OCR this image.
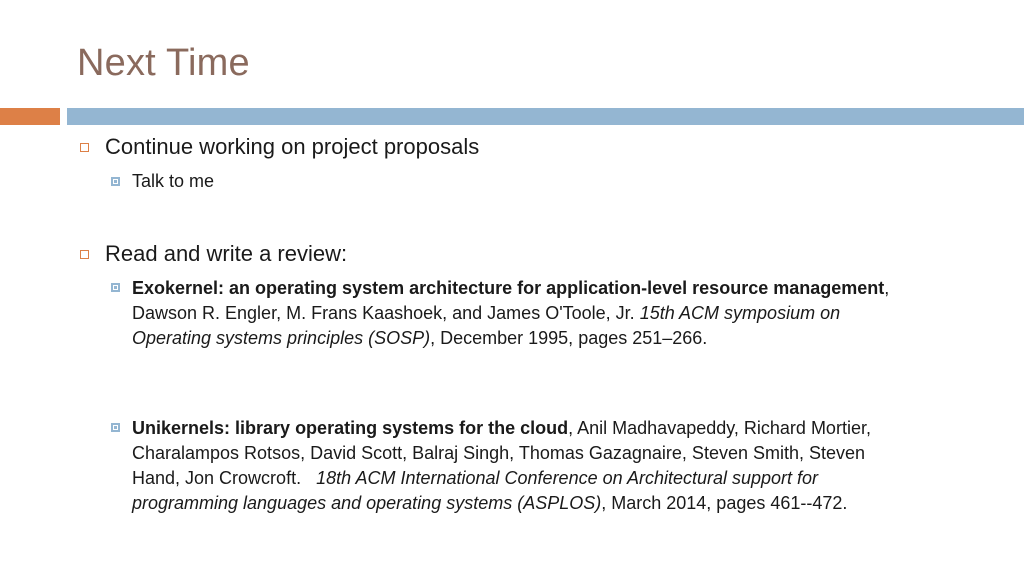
Next Time
Continue working on project proposals
Talk to me
Read and write a review:
Exokernel: an operating system architecture for application-level resource management, Dawson R. Engler, M. Frans Kaashoek, and James O'Toole, Jr. 15th ACM symposium on Operating systems principles (SOSP), December 1995, pages 251–266.
Unikernels: library operating systems for the cloud, Anil Madhavapeddy, Richard Mortier, Charalampos Rotsos, David Scott, Balraj Singh, Thomas Gazagnaire, Steven Smith, Steven Hand, Jon Crowcroft. 18th ACM International Conference on Architectural support for programming languages and operating systems (ASPLOS), March 2014, pages 461--472.
